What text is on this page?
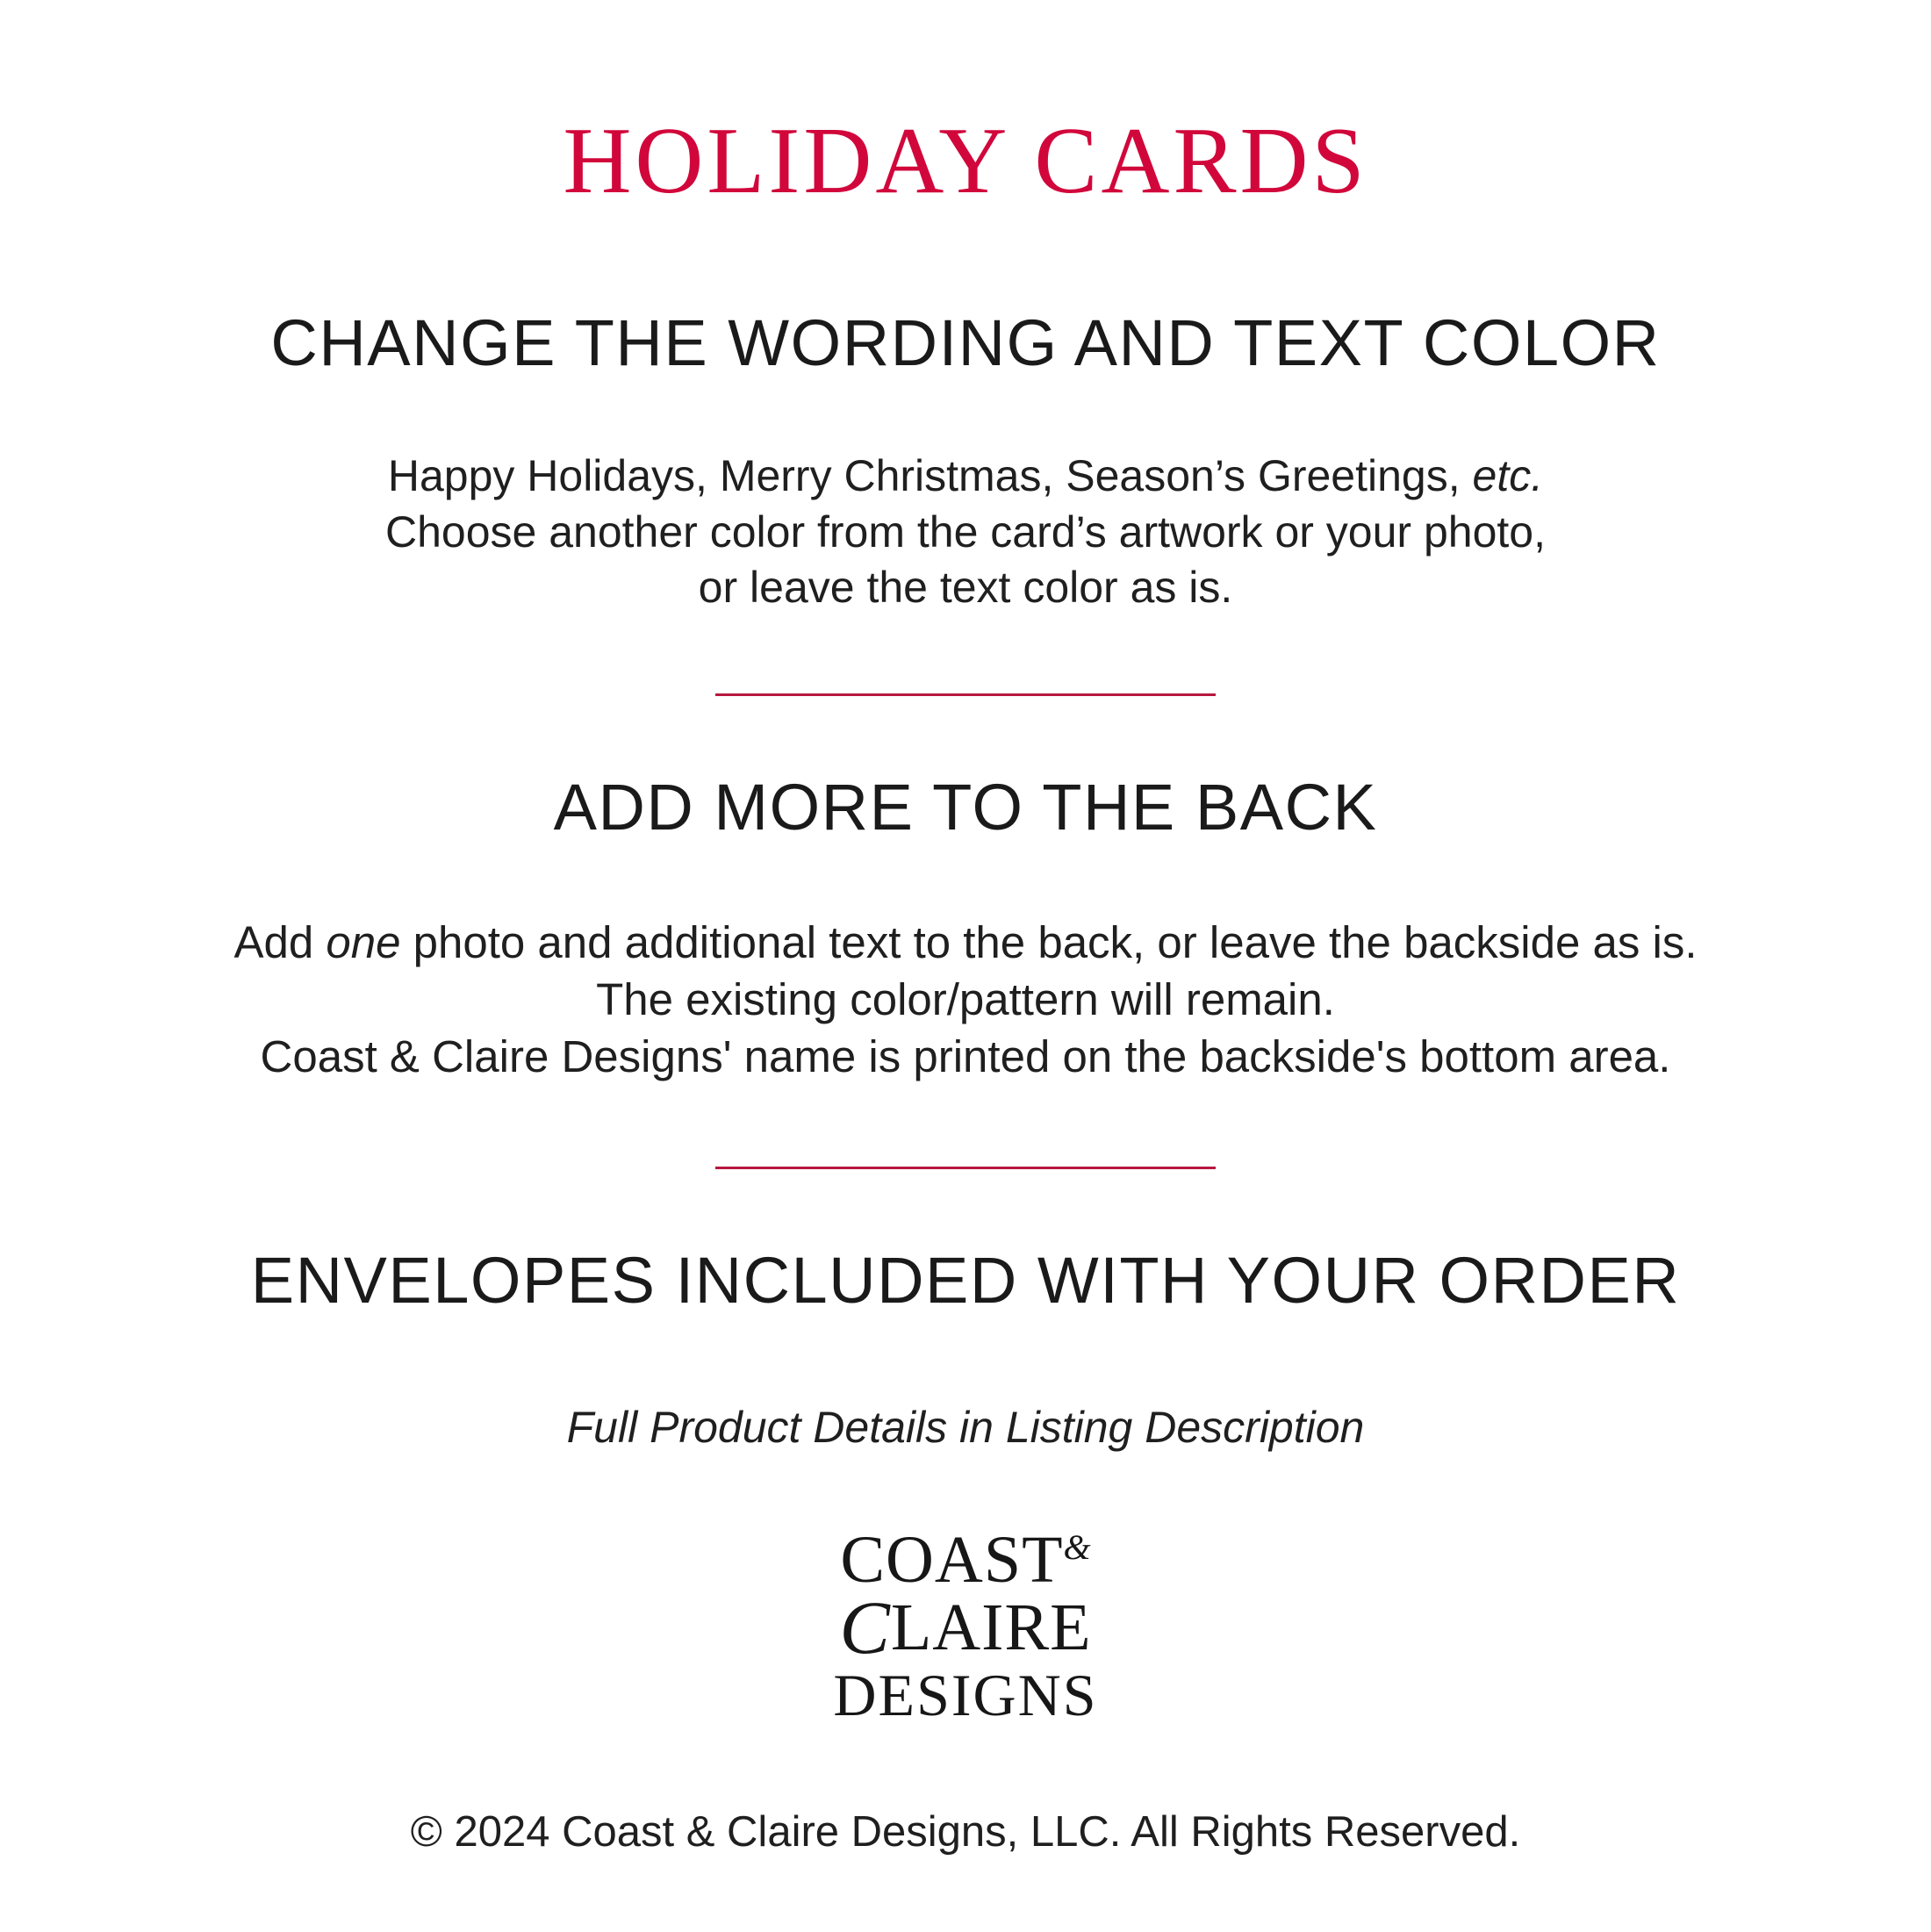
HOLIDAY CARDS
CHANGE THE WORDING AND TEXT COLOR
Happy Holidays, Merry Christmas, Season’s Greetings, etc.
Choose another color from the card’s artwork or your photo,
or leave the text color as is.
ADD MORE TO THE BACK
Add one photo and additional text to the back, or leave the backside as is.
The existing color/pattern will remain.
Coast & Claire Designs' name is printed on the backside's bottom area.
ENVELOPES INCLUDED WITH YOUR ORDER
Full Product Details in Listing Description
COAST&
CLAIRE
DESIGNS
© 2024 Coast & Claire Designs, LLC. All Rights Reserved.
